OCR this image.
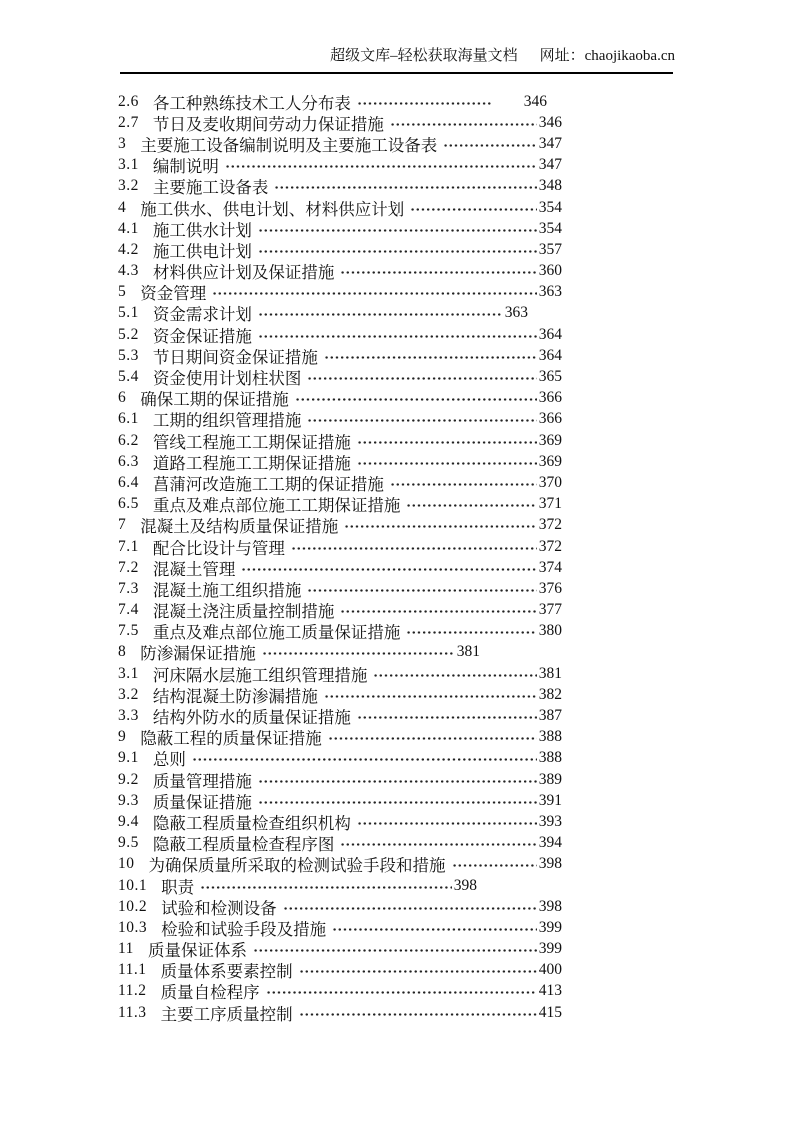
超级文库–轻松获取海量文档 网址：chaojikaoba.cn
2.6 各工种熟练技术工人分布表	346
2.7 节日及麦收期间劳动力保证措施	346
3 主要施工设备编制说明及主要施工设备表	347
3.1 编制说明	347
3.2 主要施工设备表	348
4 施工供水、供电计划、材料供应计划	354
4.1 施工供水计划	354
4.2 施工供电计划	357
4.3 材料供应计划及保证措施	360
5 资金管理	363
5.1 资金需求计划	363
5.2 资金保证措施	364
5.3 节日期间资金保证措施	364
5.4 资金使用计划柱状图	365
6 确保工期的保证措施	366
6.1 工期的组织管理措施	366
6.2 管线工程施工工期保证措施	369
6.3 道路工程施工工期保证措施	369
6.4 菖蒲河改造施工工期的保证措施	370
6.5 重点及难点部位施工工期保证措施	371
7 混凝土及结构质量保证措施	372
7.1 配合比设计与管理	372
7.2 混凝土管理	374
7.3 混凝土施工组织措施	376
7.4 混凝土浇注质量控制措施	377
7.5 重点及难点部位施工质量保证措施	380
8 防渗漏保证措施	381
3.1 河床隔水层施工组织管理措施	381
3.2 结构混凝土防渗漏措施	382
3.3 结构外防水的质量保证措施	387
9 隐蔽工程的质量保证措施	388
9.1 总则	388
9.2 质量管理措施	389
9.3 质量保证措施	391
9.4 隐蔽工程质量检查组织机构	393
9.5 隐蔽工程质量检查程序图	394
10 为确保质量所采取的检测试验手段和措施	398
10.1 职责	398
10.2 试验和检测设备	398
10.3 检验和试验手段及措施	399
11 质量保证体系	399
11.1 质量体系要素控制	400
11.2 质量自检程序	413
11.3 主要工序质量控制	415
